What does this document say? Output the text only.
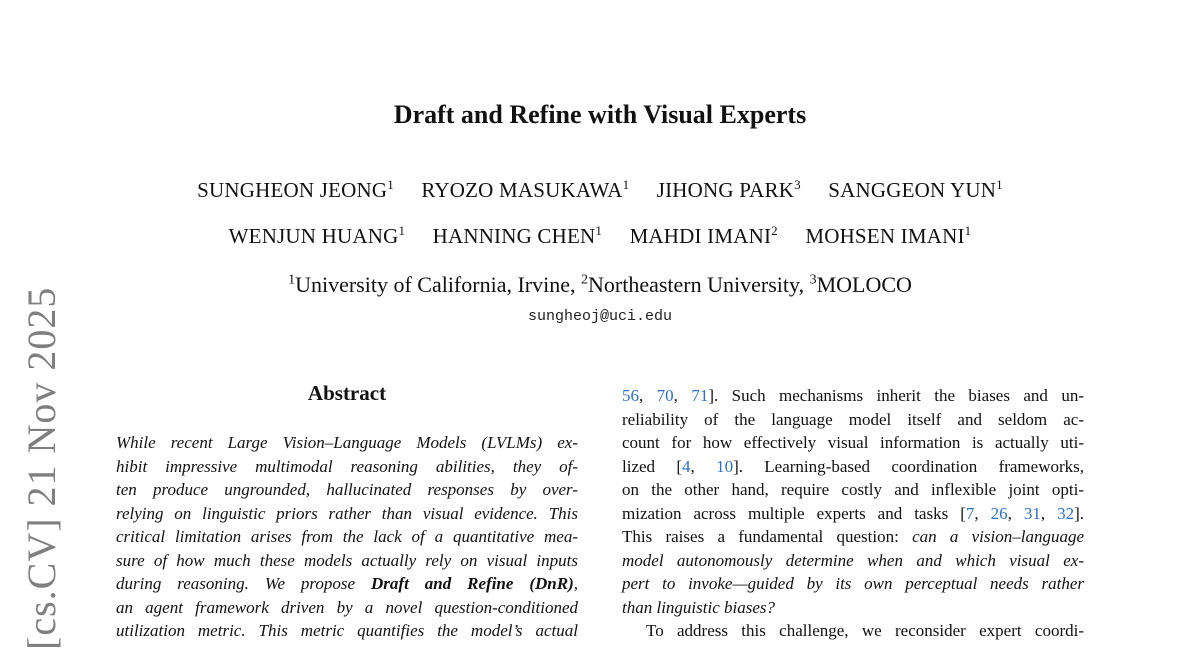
Draft and Refine with Visual Experts
SUNGHEON JEONG$^1$ RYOZO MASUKAWA$^1$ JIHONG PARK$^3$ SANGGEON YUN$^1$
WENJUN HUANG$^1$ HANNING CHEN$^1$ MAHDI IMANI$^2$ MOHSEN IMANI$^1$
$^1$University of California, Irvine, $^2$Northeastern University, $^3$MOLOCO
sungheoj@uci.edu
[cs.CV] 21 Nov 2025	Abstract
While recent Large Vision–Language Models (LVLMs) ex-
hibit impressive multimodal reasoning abilities, they of-
ten produce ungrounded, hallucinated responses by over-
relying on linguistic priors rather than visual evidence. This
critical limitation arises from the lack of a quantitative mea-
sure of how much these models actually rely on visual inputs
during reasoning. We propose Draft and Refine (DnR),
an agent framework driven by a novel question-conditioned
utilization metric. This metric quantifies the model’s actual
56, 70, 71]. Such mechanisms inherit the biases and un-
reliability of the language model itself and seldom ac-
count for how effectively visual information is actually uti-
lized [4, 10]. Learning-based coordination frameworks,
on the other hand, require costly and inflexible joint opti-
mization across multiple experts and tasks [7, 26, 31, 32].
This raises a fundamental question: can a vision–language
model autonomously determine when and which visual ex-
pert to invoke—guided by its own perceptual needs rather
than linguistic biases?
To address this challenge, we reconsider expert coordi-
